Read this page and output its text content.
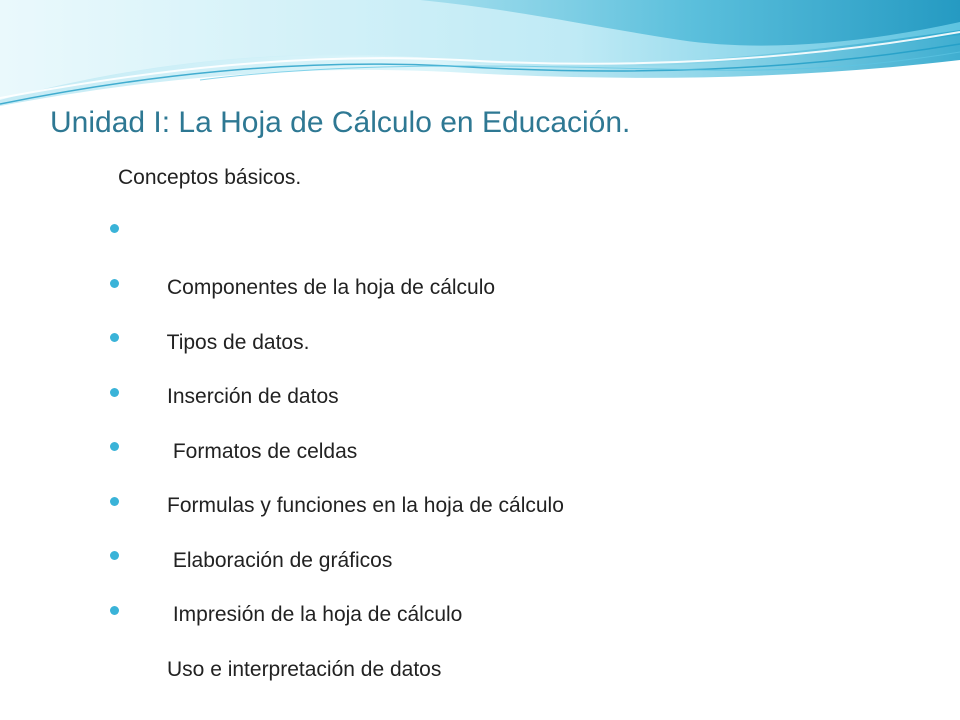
Unidad I: La Hoja de Cálculo en Educación.
Conceptos básicos.

Componentes de la hoja de cálculo

Tipos de datos.

Inserción de datos

Formatos de celdas

Formulas y funciones en la hoja de cálculo

Elaboración de gráficos

Impresión de la hoja de cálculo

Uso e interpretación de datos
